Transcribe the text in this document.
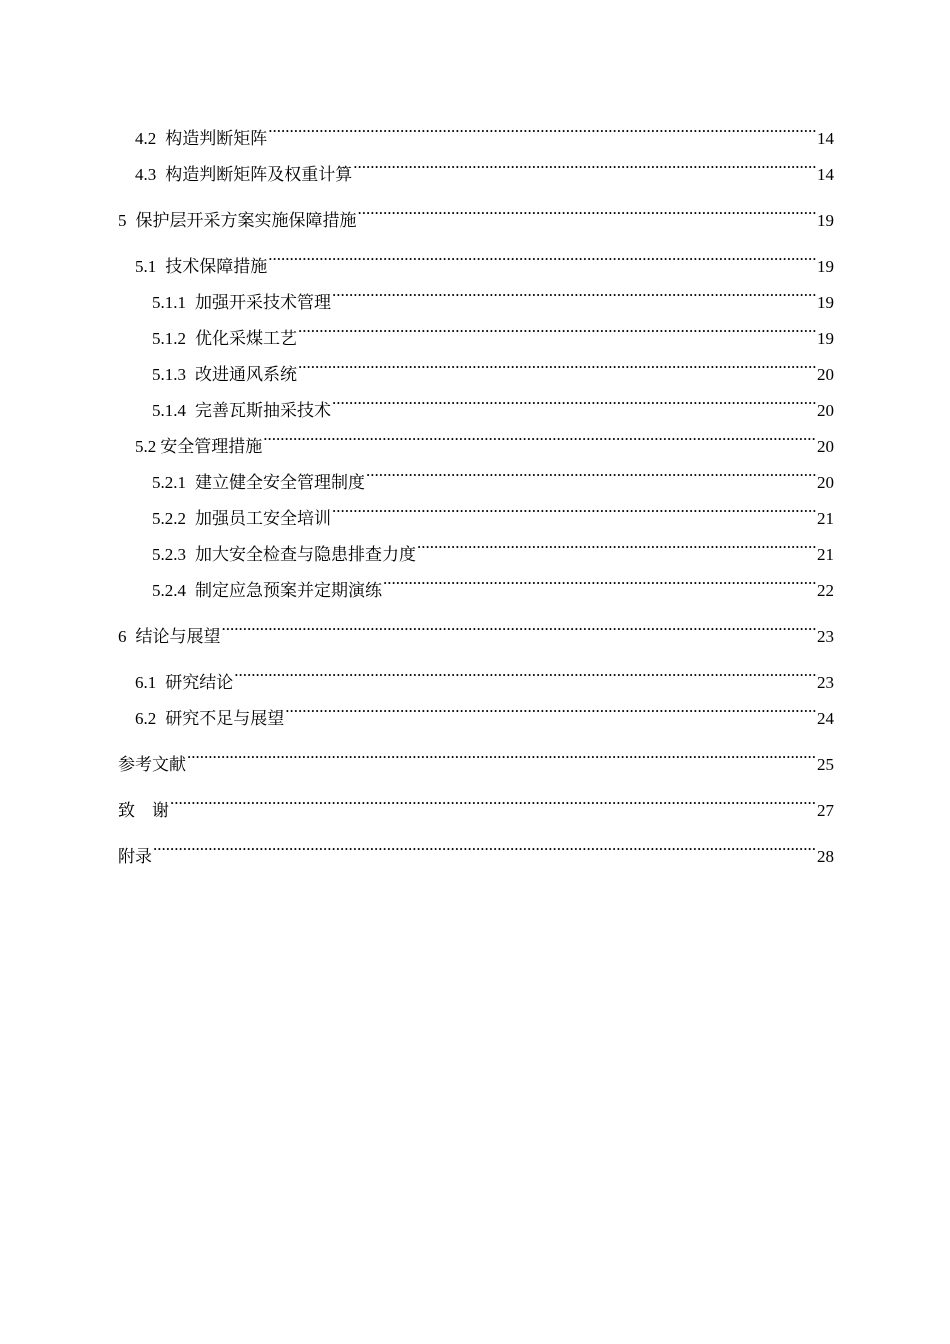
4.2 构造判断矩阵 .....	14
4.3 构造判断矩阵及权重计算 .....	14
5 保护层开采方案实施保障措施 .....	19
5.1 技术保障措施 .....	19
5.1.1 加强开采技术管理 .....	19
5.1.2 优化采煤工艺 .....	19
5.1.3 改进通风系统 .....	20
5.1.4 完善瓦斯抽采技术 .....	20
5.2 安全管理措施 .....	20
5.2.1 建立健全安全管理制度 .....	20
5.2.2 加强员工安全培训 .....	21
5.2.3 加大安全检查与隐患排查力度 .....	21
5.2.4 制定应急预案并定期演练 .....	22
6 结论与展望 .....	23
6.1 研究结论 .....	23
6.2 研究不足与展望 .....	24
参考文献 .....	25
致　谢 .....	27
附录 .....	28
